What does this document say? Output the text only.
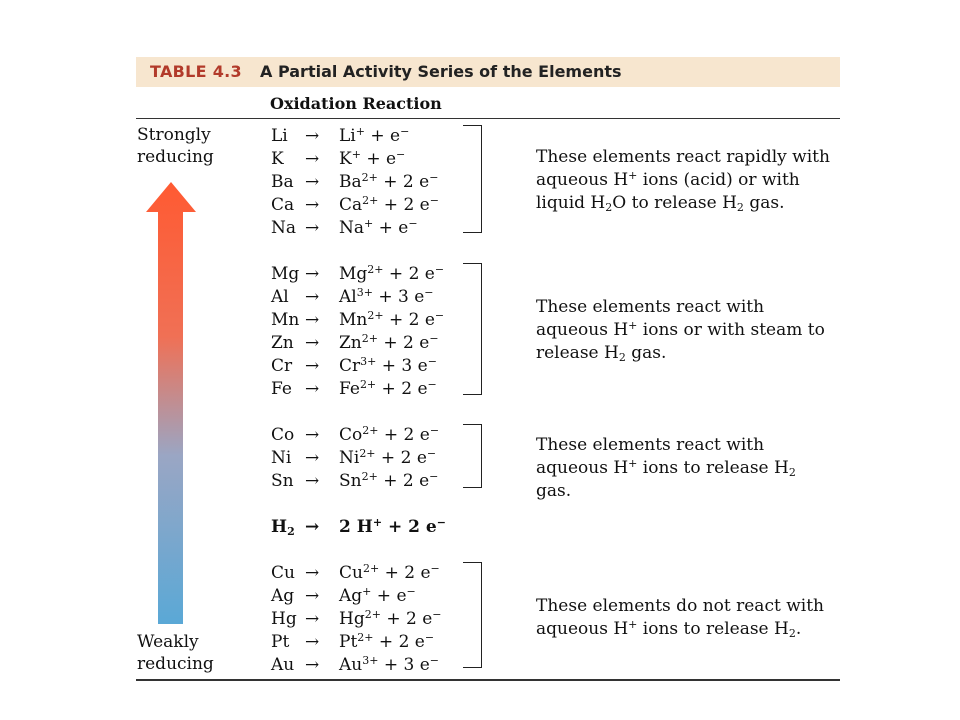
TABLE 4.3 A Partial Activity Series of the Elements
Oxidation Reaction
Strongly
reducing
Weakly
reducing
Li → Li+ + e−
K → K+ + e−
$Ba \to Ba^{2+} + 2$ e−
$Ca \to Ca^{2+} + 2$ e−
Na → Na+ + e−
$Mg \to Mg^{2+} + 2$ e−
$Al \to Al^{3+} + 3$ e−
$Mn \to Mn^{2+} + 2$ e−
$Zn \to Zn^{2+} + 2$ e−
$Cr \to Cr^{3+} + 3$ e−
$Fe \to Fe^{2+} + 2$ e−
$Co \to Co^{2+} + 2$ e−
$Ni \to Ni^{2+} + 2$ e−
$Sn \to Sn^{2+} + 2$ e−
$H_2 \to 2$ H+ + 2 e−
$Cu \to Cu^{2+} + 2$ e−
Ag → Ag+ + e−
$Hg \to Hg^{2+} + 2$ e−
$Pt \to Pt^{2+} + 2$ e−
$Au \to Au^{3+} + 3$ e−
These elements react rapidly with
aqueous H+ ions (acid) or with
liquid $H_2O$ to release $H_2$ gas.
These elements react with
aqueous H+ ions or with steam to
release $H_2$ gas.
These elements react with
aqueous H+ ions to release $H_2$ gas.
These elements do not react with
aqueous H+ ions to release $H_2$.
